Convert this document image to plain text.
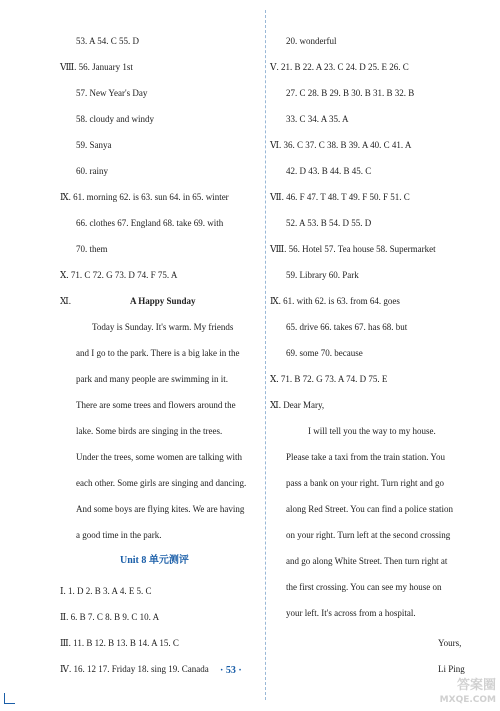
53. A 54. C 55. D
Ⅷ. 56. January 1st
57. New Year's Day
58. cloudy and windy
59. Sanya
60. rainy
Ⅸ. 61. morning 62. is 63. sun 64. in 65. winter
66. clothes 67. England 68. take 69. with
70. them
Ⅹ. 71. C 72. G 73. D 74. F 75. A
Ⅺ.	A Happy Sunday
Today is Sunday. It's warm. My friends
and I go to the park. There is a big lake in the
park and many people are swimming in it.
There are some trees and flowers around the
lake. Some birds are singing in the trees.
Under the trees, some women are talking with
each other. Some girls are singing and dancing.
And some boys are flying kites. We are having
a good time in the park.
Unit 8 单元测评
Ⅰ. 1. D 2. B 3. A 4. E 5. C
Ⅱ. 6. B 7. C 8. B 9. C 10. A
Ⅲ. 11. B 12. B 13. B 14. A 15. C
Ⅳ. 16. 12 17. Friday 18. sing 19. Canada
20. wonderful
Ⅴ. 21. B 22. A 23. C 24. D 25. E 26. C
27. C 28. B 29. B 30. B 31. B 32. B
33. C 34. A 35. A
Ⅵ. 36. C 37. C 38. B 39. A 40. C 41. A
42. D 43. B 44. B 45. C
Ⅶ. 46. F 47. T 48. T 49. F 50. F 51. C
52. A 53. B 54. D 55. D
Ⅷ. 56. Hotel 57. Tea house 58. Supermarket
59. Library 60. Park
Ⅸ. 61. with 62. is 63. from 64. goes
65. drive 66. takes 67. has 68. but
69. some 70. because
Ⅹ. 71. B 72. G 73. A 74. D 75. E
Ⅺ. Dear Mary,
I will tell you the way to my house.
Please take a taxi from the train station. You
pass a bank on your right. Turn right and go
along Red Street. You can find a police station
on your right. Turn left at the second crossing
and go along White Street. Then turn right at
the first crossing. You can see my house on
your left. It's across from a hospital.
Yours,
Li Ping
· 53 ·
答案圈
MXQE.COM
